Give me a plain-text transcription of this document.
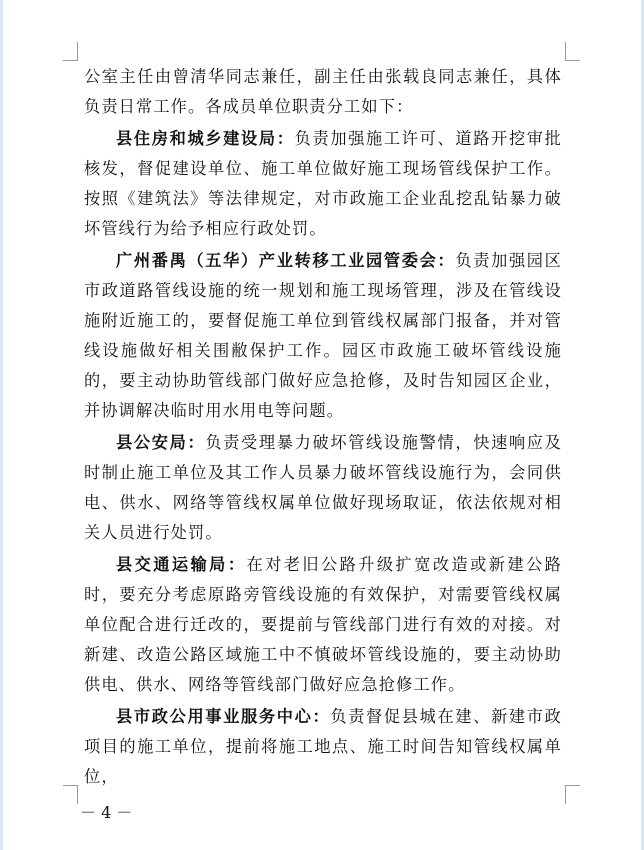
公室主任由曾清华同志兼任，副主任由张载良同志兼任，具体负责日常工作。各成员单位职责分工如下：

县住房和城乡建设局：负责加强施工许可、道路开挖审批核发，督促建设单位、施工单位做好施工现场管线保护工作。按照《建筑法》等法律规定，对市政施工企业乱挖乱钻暴力破坏管线行为给予相应行政处罚。

广州番禺（五华）产业转移工业园管委会：负责加强园区市政道路管线设施的统一规划和施工现场管理，涉及在管线设施附近施工的，要督促施工单位到管线权属部门报备，并对管线设施做好相关围敝保护工作。园区市政施工破坏管线设施的，要主动协助管线部门做好应急抢修，及时告知园区企业，并协调解决临时用水用电等问题。

县公安局：负责受理暴力破坏管线设施警情，快速响应及时制止施工单位及其工作人员暴力破坏管线设施行为，会同供电、供水、网络等管线权属单位做好现场取证，依法依规对相关人员进行处罚。

县交通运输局：在对老旧公路升级扩宽改造或新建公路时，要充分考虑原路旁管线设施的有效保护，对需要管线权属单位配合进行迁改的，要提前与管线部门进行有效的对接。对新建、改造公路区域施工中不慎破坏管线设施的，要主动协助供电、供水、网络等管线部门做好应急抢修工作。

县市政公用事业服务中心：负责督促县城在建、新建市政项目的施工单位，提前将施工地点、施工时间告知管线权属单位，

－ 4 －
